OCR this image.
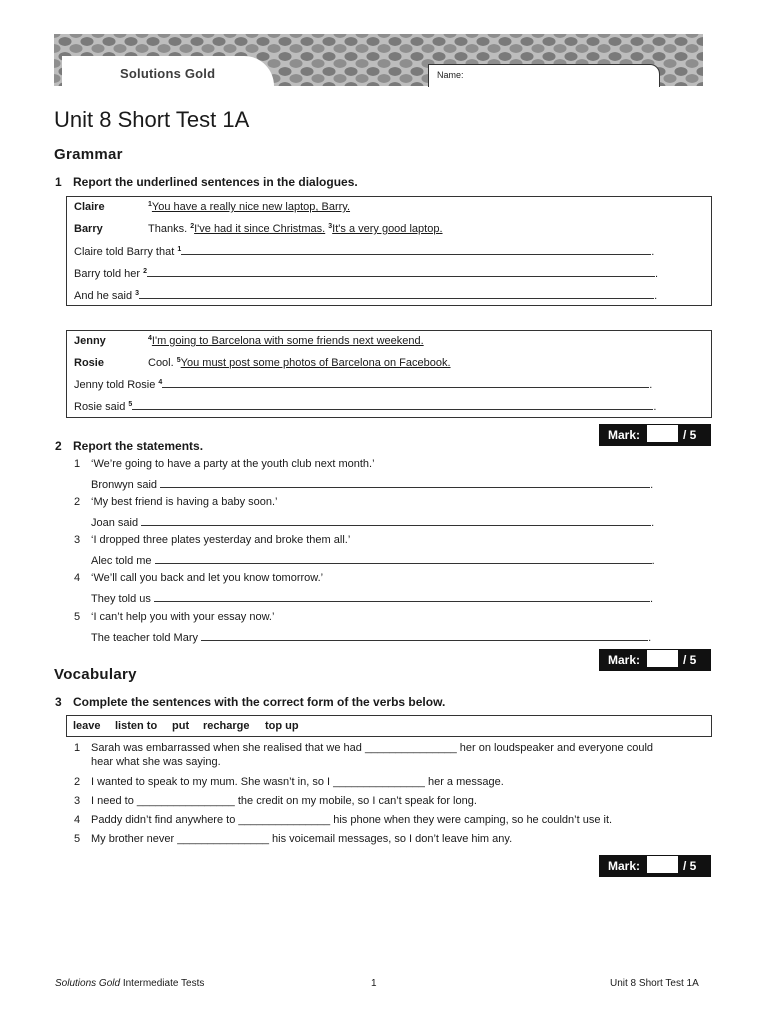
Solutions Gold	Name:
Unit 8 Short Test 1A
Grammar
1 Report the underlined sentences in the dialogues.
Claire	$^1$You have a really nice new laptop, Barry.
Barry	Thanks. $^2$I've had it since Christmas. $^3$It's a very good laptop.
Claire told Barry that $^1$	.
Barry told her $^2$	.
And he said $^3$	.
Jenny	$^4$I'm going to Barcelona with some friends next weekend.
Rosie	Cool. $^5$You must post some photos of Barcelona on Facebook.
Jenny told Rosie $^4$	.
Rosie said $^5$	.
Mark:	/ 5
2 Report the statements.
1 ‘We’re going to have a party at the youth club next month.’
Bronwyn said	.
2 ‘My best friend is having a baby soon.’
Joan said	.
3 ‘I dropped three plates yesterday and broke them all.’
Alec told me	.
4 ‘We’ll call you back and let you know tomorrow.’
They told us	.
5 ‘I can’t help you with your essay now.’
The teacher told Mary	.
Mark:	/ 5
Vocabulary
3 Complete the sentences with the correct form of the verbs below.
leave listen to put recharge top up
1 Sarah was embarrassed when she realised that we had _______________ her on loudspeaker and everyone could
hear what she was saying.
2 I wanted to speak to my mum. She wasn’t in, so I _______________ her a message.
3 I need to ________________ the credit on my mobile, so I can’t speak for long.
4 Paddy didn’t find anywhere to _______________ his phone when they were camping, so he couldn’t use it.
5 My brother never _______________ his voicemail messages, so I don’t leave him any.
Mark:	/ 5
Solutions Gold Intermediate Tests	1	Unit 8 Short Test 1A
